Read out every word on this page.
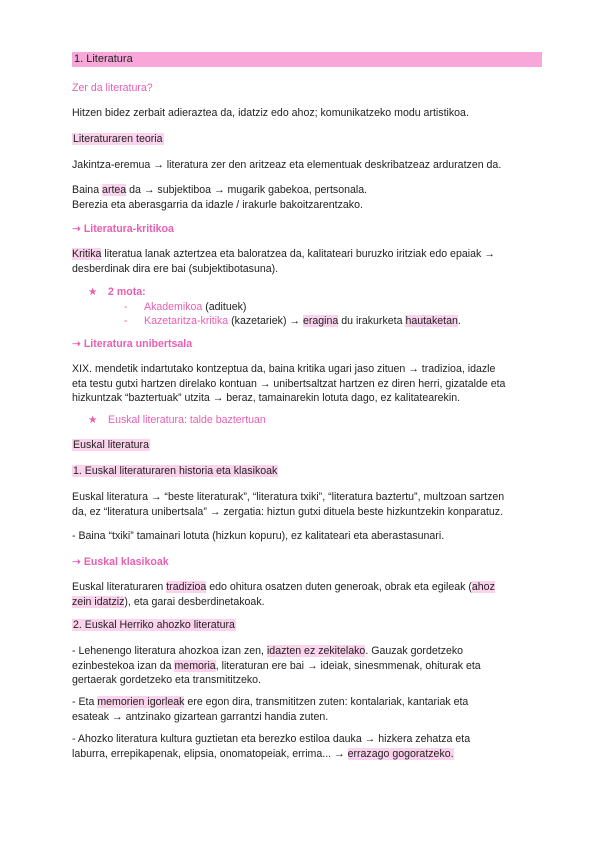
1. Literatura
Zer da literatura?
Hitzen bidez zerbait adieraztea da, idatziz edo ahoz; komunikatzeko modu artistikoa.
Literaturaren teoria
Jakintza-eremua → literatura zer den aritzeaz eta elementuak deskribatzeaz arduratzen da.
Baina artea da → subjektiboa → mugarik gabekoa, pertsonala.
Berezia eta aberasgarria da idazle / irakurle bakoitzarentzako.
➝ Literatura-kritikoa
Kritika literatua lanak aztertzea eta baloratzea da, kalitateari buruzko iritziak edo epaiak →
desberdinak dira ere bai (subjektibotasuna).
★ 2 mota:
- Akademikoa (adituek)
- Kazetaritza-kritika (kazetariek) → eragina du irakurketa hautaketan.
➝ Literatura unibertsala
XIX. mendetik indartutako kontzeptua da, baina kritika ugari jaso zituen → tradizioa, idazle
eta testu gutxi hartzen direlako kontuan → unibertsaltzat hartzen ez diren herri, gizatalde eta
hizkuntzak “baztertuak” utzita → beraz, tamainarekin lotuta dago, ez kalitatearekin.
★ Euskal literatura: talde baztertuan
Euskal literatura
1. Euskal literaturaren historia eta klasikoak
Euskal literatura → “beste literaturak”, “literatura txiki”, “literatura baztertu”, multzoan sartzen
da, ez “literatura unibertsala” → zergatia: hiztun gutxi dituela beste hizkuntzekin konparatuz.
- Baina “txiki” tamainari lotuta (hizkun kopuru), ez kalitateari eta aberastasunari.
➝ Euskal klasikoak
Euskal literaturaren tradizioa edo ohitura osatzen duten generoak, obrak eta egileak (ahoz
zein idatziz), eta garai desberdinetakoak.
2. Euskal Herriko ahozko literatura
- Lehenengo literatura ahozkoa izan zen, idazten ez zekitelako. Gauzak gordetzeko
ezinbestekoa izan da memoria, literaturan ere bai → ideiak, sinesmmenak, ohiturak eta
gertaerak gordetzeko eta transmititzeko.
- Eta memorien igorleak ere egon dira, transmititzen zuten: kontalariak, kantariak eta
esateak → antzinako gizartean garrantzi handia zuten.
- Ahozko literatura kultura guztietan eta berezko estiloa dauka → hizkera zehatza eta
laburra, errepikapenak, elipsia, onomatopeiak, errima... → errazago gogoratzeko.
